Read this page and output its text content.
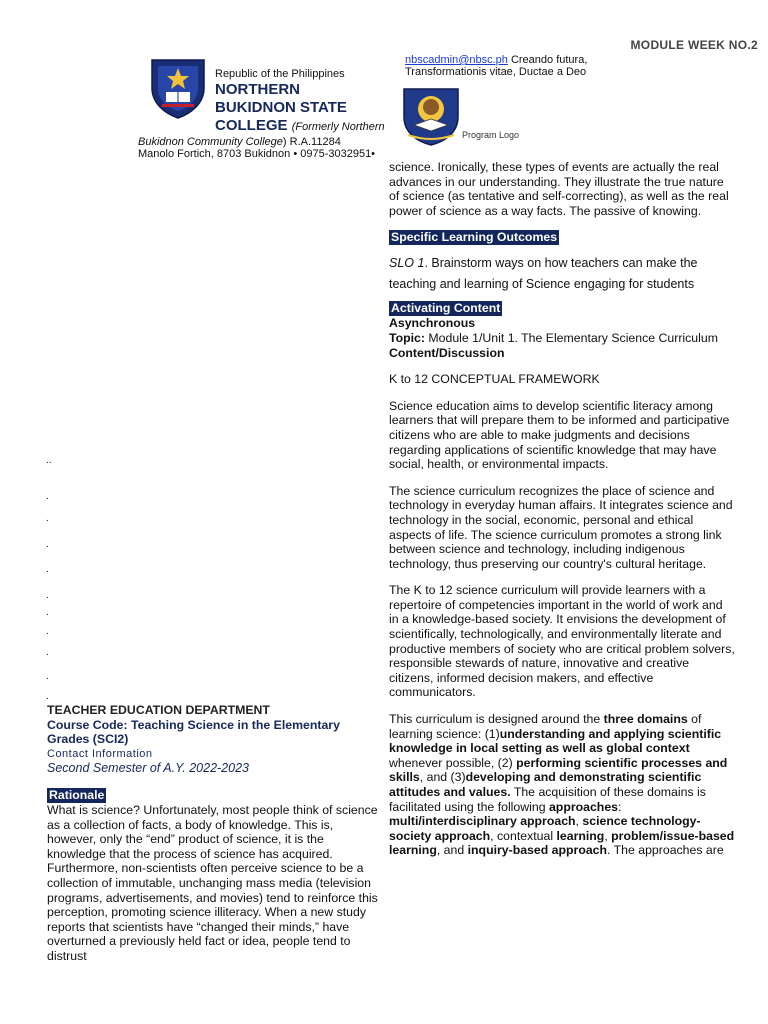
MODULE WEEK NO.2
Republic of the Philippines
NORTHERN
BUKIDNON STATE
COLLEGE (Formerly Northern
Bukidnon Community College) R.A.11284
Manolo Fortich, 8703 Bukidnon • 0975-3032951•
nbscadmin@nbsc.ph Creando futura,
Transformationis vitae, Ductae a Deo
Program Logo

science. Ironically, these types of events are actually the real advances in our understanding. They illustrate the true nature of science (as tentative and self-correcting), as well as the real power of science as a way facts. The passive of knowing.

Specific Learning Outcomes

SLO 1. Brainstorm ways on how teachers can make the teaching and learning of Science engaging for students

Activating Content

Asynchronous

Topic: Module 1/Unit 1. The Elementary Science Curriculum

Content/Discussion

K to 12 CONCEPTUAL FRAMEWORK

Science education aims to develop scientific literacy among learners that will prepare them to be informed and participative citizens who are able to make judgments and decisions regarding applications of scientific knowledge that may have social, health, or environmental impacts.

The science curriculum recognizes the place of science and technology in everyday human affairs. It integrates science and technology in the social, economic, personal and ethical aspects of life. The science curriculum promotes a strong link between science and technology, including indigenous technology, thus preserving our country's cultural heritage.

The K to 12 science curriculum will provide learners with a repertoire of competencies important in the world of work and in a knowledge-based society. It envisions the development of scientifically, technologically, and environmentally literate and productive members of society who are critical problem solvers, responsible stewards of nature, innovative and creative citizens, informed decision makers, and effective communicators.

This curriculum is designed around the three domains of learning science: (1)understanding and applying scientific knowledge in local setting as well as global context whenever possible, (2) performing scientific processes and skills, and (3)developing and demonstrating scientific attitudes and values. The acquisition of these domains is facilitated using the following approaches: multi/interdisciplinary approach, science technology-society approach, contextual learning, problem/issue-based learning, and inquiry-based approach. The approaches are

..
.
.
.
.
.
.
.
.
.
.

TEACHER EDUCATION DEPARTMENT

Course Code: Teaching Science in the Elementary Grades (SCI2)

Contact Information

Second Semester of A.Y. 2022-2023

Rationale

What is science? Unfortunately, most people think of science as a collection of facts, a body of knowledge. This is, however, only the “end” product of science, it is the knowledge that the process of science has acquired. Furthermore, non-scientists often perceive science to be a collection of immutable, unchanging mass media (television programs, advertisements, and movies) tend to reinforce this perception, promoting science illiteracy. When a new study reports that scientists have “changed their minds,” have overturned a previously held fact or idea, people tend to distrust
